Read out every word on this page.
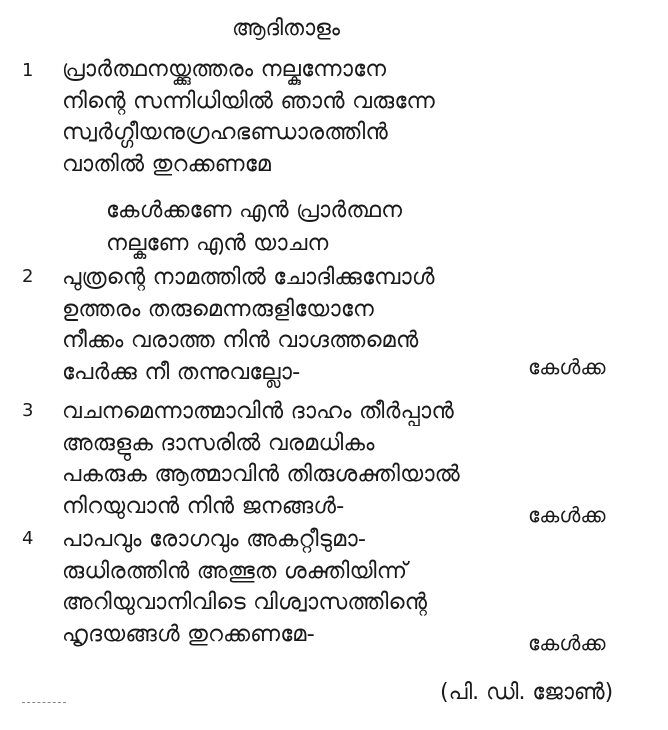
ആദിതാളം
1 പ്രാർത്ഥനയ്ക്കുത്തരം നല്കുന്നോനേ
നിന്റെ സന്നിധിയിൽ ഞാൻ വരുന്നേ
സ്വർഗ്ഗീയനുഗ്രഹഭണ്ഡാരത്തിൻ
വാതിൽ തുറക്കണമേ
കേൾക്കണേ എൻ പ്രാർത്ഥന
നല്കണേ എൻ യാചന
2 പുത്രന്റെ നാമത്തിൽ ചോദിക്കുമ്പോൾ
ഉത്തരം തരുമെന്നരുളിയോനേ
നീക്കം വരാത്ത നിൻ വാഗ്ദത്തമെൻ
പേർക്കു നീ തന്നുവല്ലോ-	കേൾക്ക
3 വചനമെന്നാത്മാവിൻ ദാഹം തീർപ്പാൻ
അരുളുക ദാസരിൽ വരമധികം
പകരുക ആത്മാവിൻ തിരുശക്തിയാൽ
നിറയുവാൻ നിൻ ജനങ്ങൾ-	കേൾക്ക
4 പാപവും രോഗവും അകറ്റീടുമാ-
രുധിരത്തിൻ അത്ഭുത ശക്തിയിന്ന്
അറിയുവാനിവിടെ വിശ്വാസത്തിന്റെ
ഹൃദയങ്ങൾ തുറക്കണമേ-	കേൾക്ക
(പി. ഡി. ജോൺ)
